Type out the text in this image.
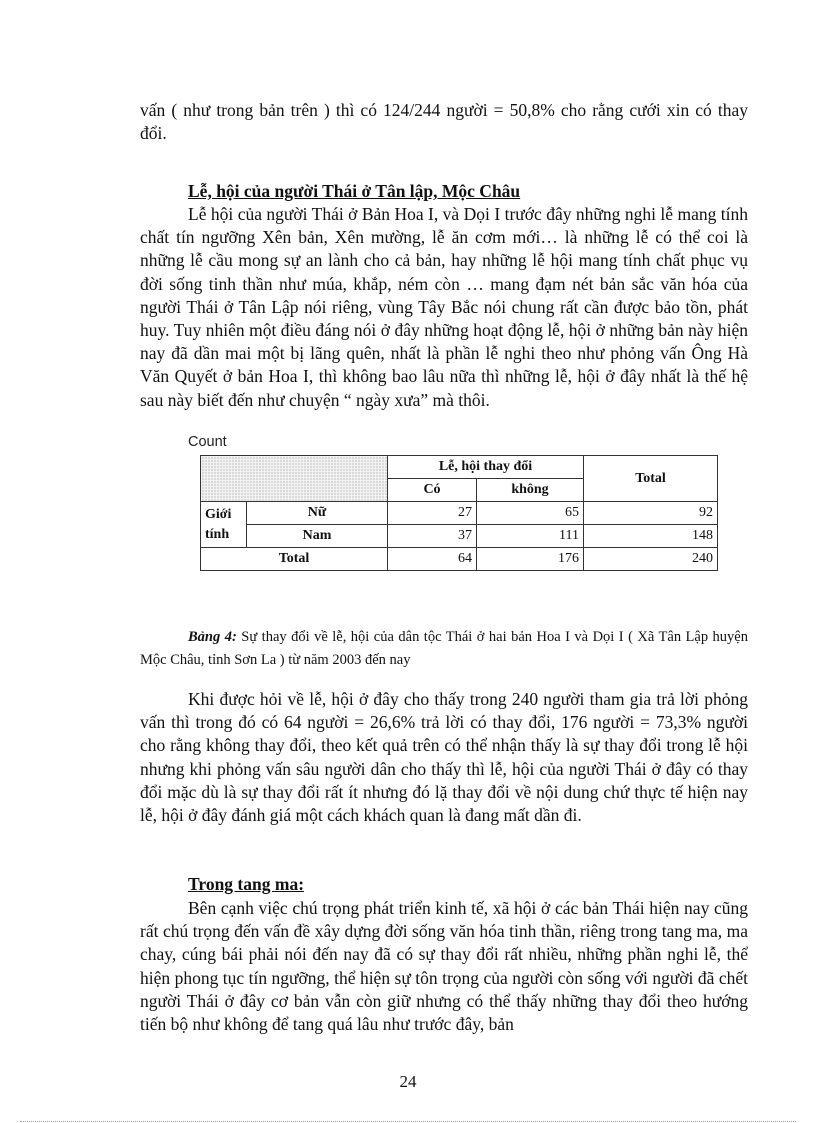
vấn ( như trong bản trên ) thì có 124/244 người = 50,8% cho rằng cưới xin có thay đổi.

Lễ, hội của người Thái ở Tân lập, Mộc Châu

Lễ hội của người Thái ở Bản Hoa I, và Dọi I trước đây những nghi lễ mang tính chất tín ngưỡng Xên bản, Xên mường, lễ ăn cơm mới… là những lễ có thể coi là những lễ cầu mong sự an lành cho cả bản, hay những lễ hội mang tính chất phục vụ đời sống tinh thần như múa, khắp, ném còn … mang đạm nét bản sắc văn hóa của người Thái ở Tân Lập nói riêng, vùng Tây Bắc nói chung rất cần được bảo tồn, phát huy. Tuy nhiên một điều đáng nói ở đây những hoạt động lễ, hội ở những bản này hiện nay đã dần mai một bị lãng quên, nhất là phần lễ nghi theo như phỏng vấn Ông Hà Văn Quyết ở bản Hoa I, thì không bao lâu nữa thì những lễ, hội ở đây nhất là thế hệ sau này biết đến như chuyện “ ngày xưa” mà thôi.

Count
		Lễ, hội thay đổi		Total
		Có	không	
Giới tính	Nữ	27	65	92
	Nam	37	111	148
Total		64	176	240

Bảng 4: Sự thay đổi về lễ, hội của dân tộc Thái ở hai bản Hoa I và Dọi I ( Xã Tân Lập huyện Mộc Châu, tỉnh Sơn La ) từ năm 2003 đến nay

Khi được hỏi về lễ, hội ở đây cho thấy trong 240 người tham gia trả lời phỏng vấn thì trong đó có 64 người = 26,6% trả lời có thay đổi, 176 người = 73,3% người cho rằng không thay đổi, theo kết quả trên có thể nhận thấy là sự thay đổi trong lễ hội nhưng khi phỏng vấn sâu người dân cho thấy thì lễ, hội của người Thái ở đây có thay đổi mặc dù là sự thay đổi rất ít nhưng đó lặ thay đổi về nội dung chứ thực tế hiện nay lễ, hội ở đây đánh giá một cách khách quan là đang mất dần đi.

Trong tang ma:

Bên cạnh việc chú trọng phát triển kinh tế, xã hội ở các bản Thái hiện nay cũng rất chú trọng đến vấn đề xây dựng đời sống văn hóa tinh thần, riêng trong tang ma, ma chay, cúng bái phải nói đến nay đã có sự thay đổi rất nhiều, những phần nghi lễ, thể hiện phong tục tín ngưỡng, thể hiện sự tôn trọng của người còn sống với người đã chết người Thái ở đây cơ bản vẫn còn giữ nhưng có thể thấy những thay đổi theo hướng tiến bộ như không để tang quá lâu như trước đây, bản

24
